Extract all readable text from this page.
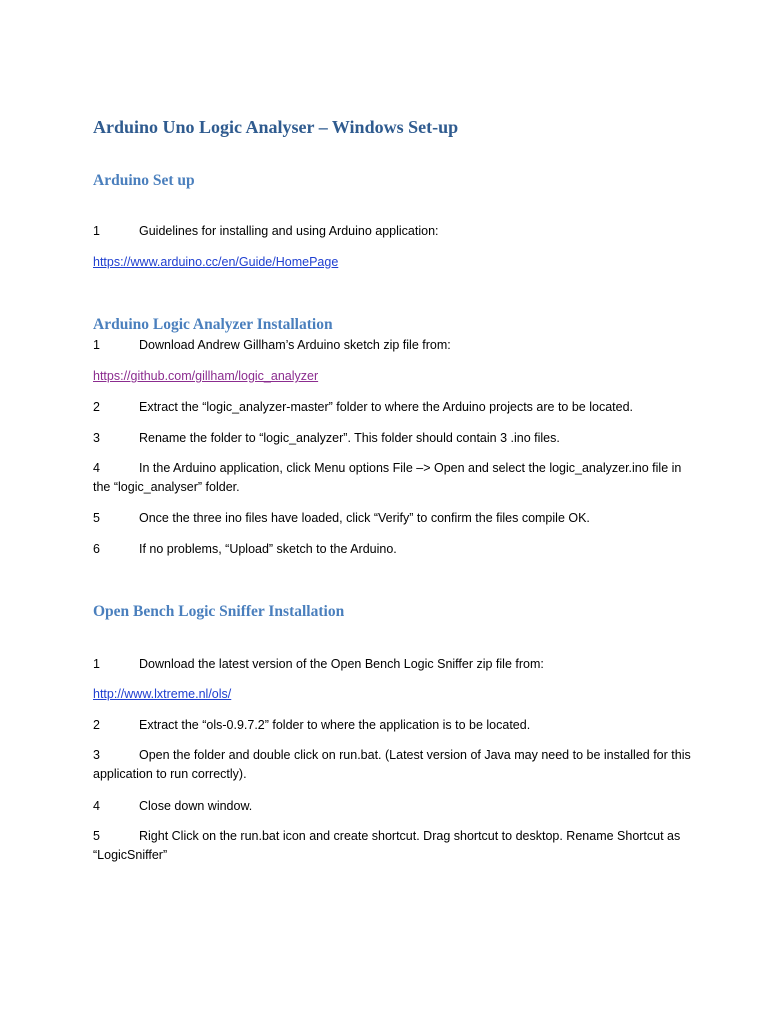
Arduino Uno Logic Analyser – Windows Set-up
Arduino Set up
1	Guidelines for installing and using Arduino application:
https://www.arduino.cc/en/Guide/HomePage
Arduino Logic Analyzer Installation
1	Download Andrew Gillham’s Arduino sketch zip file from:
https://github.com/gillham/logic_analyzer
2	Extract the “logic_analyzer-master” folder to where the Arduino projects are to be located.
3	Rename the folder to “logic_analyzer”. This folder should contain 3 .ino files.
4	In the Arduino application, click Menu options File –> Open and select the logic_analyzer.ino file in the “logic_analyser” folder.
5	Once the three ino files have loaded, click “Verify” to confirm the files compile OK.
6	If no problems, “Upload” sketch to the Arduino.
Open Bench Logic Sniffer Installation
1	Download the latest version of the Open Bench Logic Sniffer zip file from:
http://www.lxtreme.nl/ols/
2	Extract the “ols-0.9.7.2” folder to where the application is to be located.
3	Open the folder and double click on run.bat. (Latest version of Java may need to be installed for this application to run correctly).
4	Close down window.
5	Right Click on the run.bat icon and create shortcut. Drag shortcut to desktop. Rename Shortcut as “LogicSniffer”
